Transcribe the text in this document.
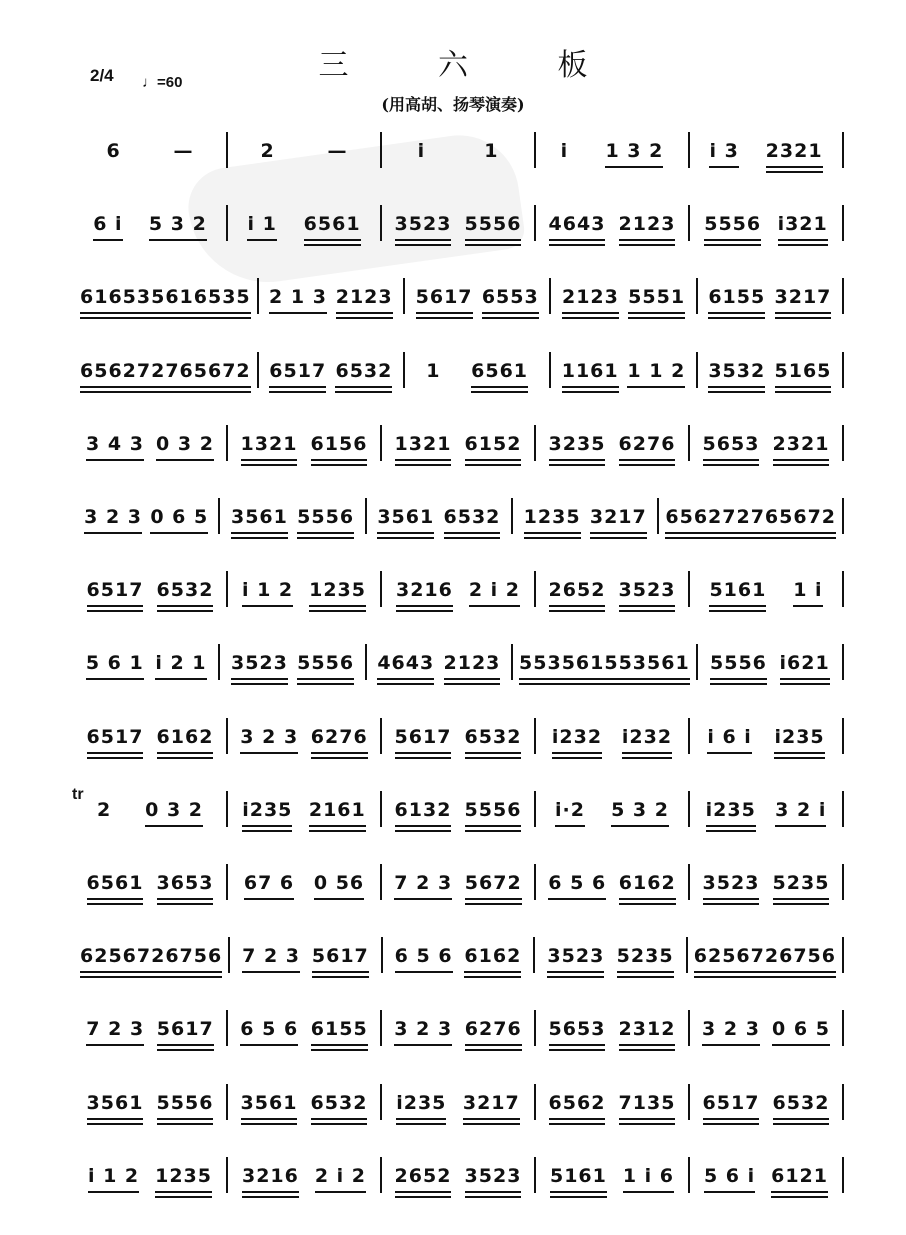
三 六 板
(用高胡、扬琴演奏)
2/4 ♩=60
tr
6	—	2	—	i	1	i 1 3 2 i 3 2321
6 i 5 3 2 i 1 6561 3523 5556 4643 2123 5556 i321
6165 35616535 2 1 3 2123 5617 6553 2123 5551 6155 3217
6562 72765672 6517 6532 1 6561 1161 1 1 2 3532 5165
3 4 3 0 3 2 1321 6156 1321 6152 3235 6276 5653 2321
3 2 3 0 6 5 3561 5556 3561 6532 1235 3217 6562 72765672
6517 6532 i 1 2 1235 3216 2 i 2 2652 3523 5161 1 i
5 6 1 i 2 1 3523 5556 4643 2123 553561 553561 5556 i621
6517 6162 3 2 3 6276 5617 6532 i232 i232 i 6 i i235
2 0 3 2 i235 2161 6132 5556 i·2 5 3 2 i235 3 2 i
6561 3653 67 6 0 56 7 2 3 5672 6 5 6 6162 3523 5235
625672 6756 7 2 3 5617 6 5 6 6162 3523 5235 625672 6756
7 2 3 5617 6 5 6 6155 3 2 3 6276 5653 2312 3 2 3 0 6 5
3561 5556 3561 6532 i235 3217 6562 7135 6517 6532
i 1 2 1235 3216 2 i 2 2652 3523 5161 1 i 6 5 6 i 6121
